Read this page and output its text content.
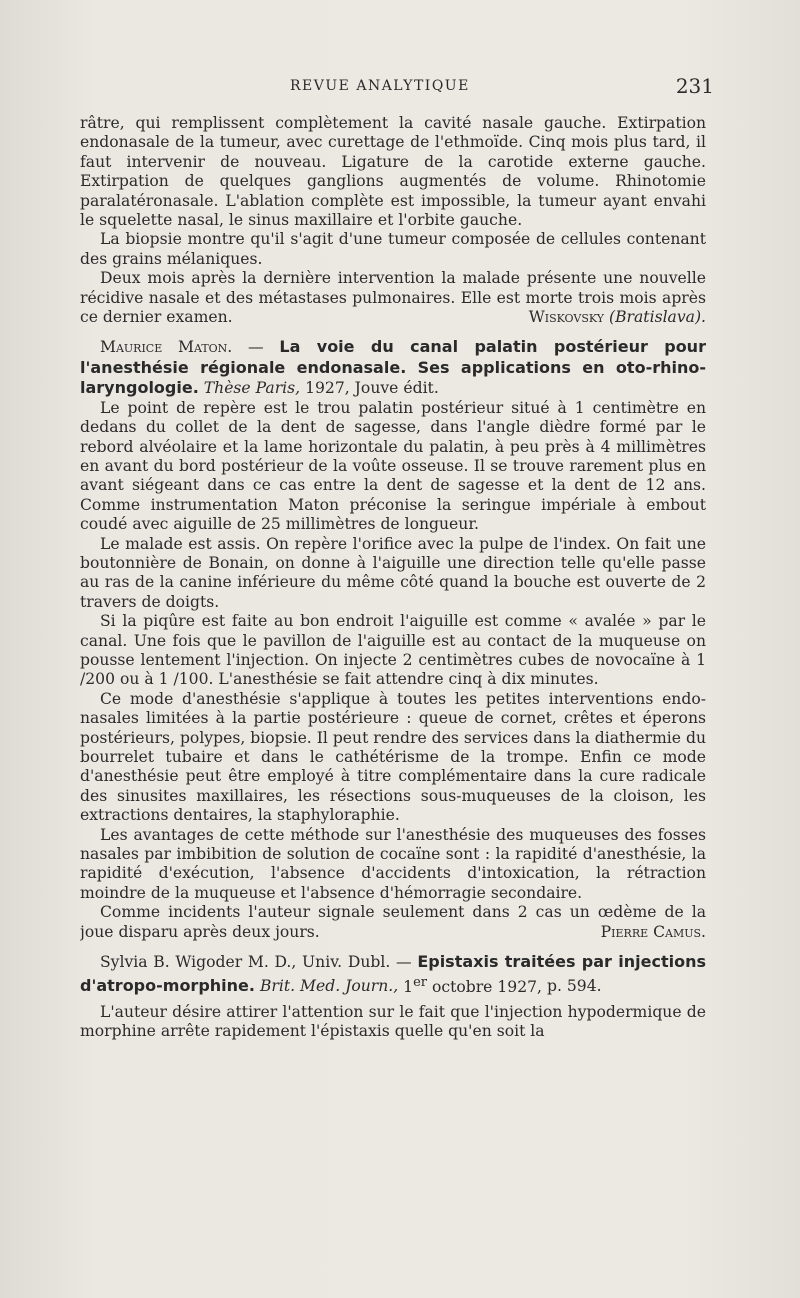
REVUE ANALYTIQUE	231

râtre, qui remplissent complètement la cavité nasale gauche. Extirpation endonasale de la tumeur, avec curettage de l'ethmoïde. Cinq mois plus tard, il faut intervenir de nouveau. Ligature de la carotide externe gauche. Extirpation de quelques ganglions augmentés de volume. Rhinotomie paralatéronasale. L'ablation complète est impossible, la tumeur ayant envahi le squelette nasal, le sinus maxillaire et l'orbite gauche.

La biopsie montre qu'il s'agit d'une tumeur composée de cellules contenant des grains mélaniques.

Deux mois après la dernière intervention la malade présente une nouvelle récidive nasale et des métastases pulmonaires. Elle est morte trois mois après ce dernier examen.	Wiskovsky (Bratislava).

Maurice Maton. — La voie du canal palatin postérieur pour l'anesthésie régionale endonasale. Ses applications en oto-rhino-laryngologie. Thèse Paris, 1927, Jouve édit.

Le point de repère est le trou palatin postérieur situé à 1 centimètre en dedans du collet de la dent de sagesse, dans l'angle dièdre formé par le rebord alvéolaire et la lame horizontale du palatin, à peu près à 4 millimètres en avant du bord postérieur de la voûte osseuse. Il se trouve rarement plus en avant siégeant dans ce cas entre la dent de sagesse et la dent de 12 ans. Comme instrumentation Maton préconise la seringue impériale à embout coudé avec aiguille de 25 millimètres de longueur.

Le malade est assis. On repère l'orifice avec la pulpe de l'index. On fait une boutonnière de Bonain, on donne à l'aiguille une direction telle qu'elle passe au ras de la canine inférieure du même côté quand la bouche est ouverte de 2 travers de doigts.

Si la piqûre est faite au bon endroit l'aiguille est comme « avalée » par le canal. Une fois que le pavillon de l'aiguille est au contact de la muqueuse on pousse lentement l'injection. On injecte 2 centimètres cubes de novocaïne à 1 /200 ou à 1 /100. L'anesthésie se fait attendre cinq à dix minutes.

Ce mode d'anesthésie s'applique à toutes les petites interventions endo-nasales limitées à la partie postérieure : queue de cornet, crêtes et éperons postérieurs, polypes, biopsie. Il peut rendre des services dans la diathermie du bourrelet tubaire et dans le cathétérisme de la trompe. Enfin ce mode d'anesthésie peut être employé à titre complémentaire dans la cure radicale des sinusites maxillaires, les résections sous-muqueuses de la cloison, les extractions dentaires, la staphyloraphie.

Les avantages de cette méthode sur l'anesthésie des muqueuses des fosses nasales par imbibition de solution de cocaïne sont : la rapidité d'anesthésie, la rapidité d'exécution, l'absence d'accidents d'intoxication, la rétraction moindre de la muqueuse et l'absence d'hémorragie secondaire.

Comme incidents l'auteur signale seulement dans 2 cas un œdème de la joue disparu après deux jours.	Pierre Camus.

Sylvia B. Wigoder M. D., Univ. Dubl. — Epistaxis traitées par injections d'atropo-morphine. Brit. Med. Journ., 1er octobre 1927, p. 594.

L'auteur désire attirer l'attention sur le fait que l'injection hypodermique de morphine arrête rapidement l'épistaxis quelle qu'en soit la
